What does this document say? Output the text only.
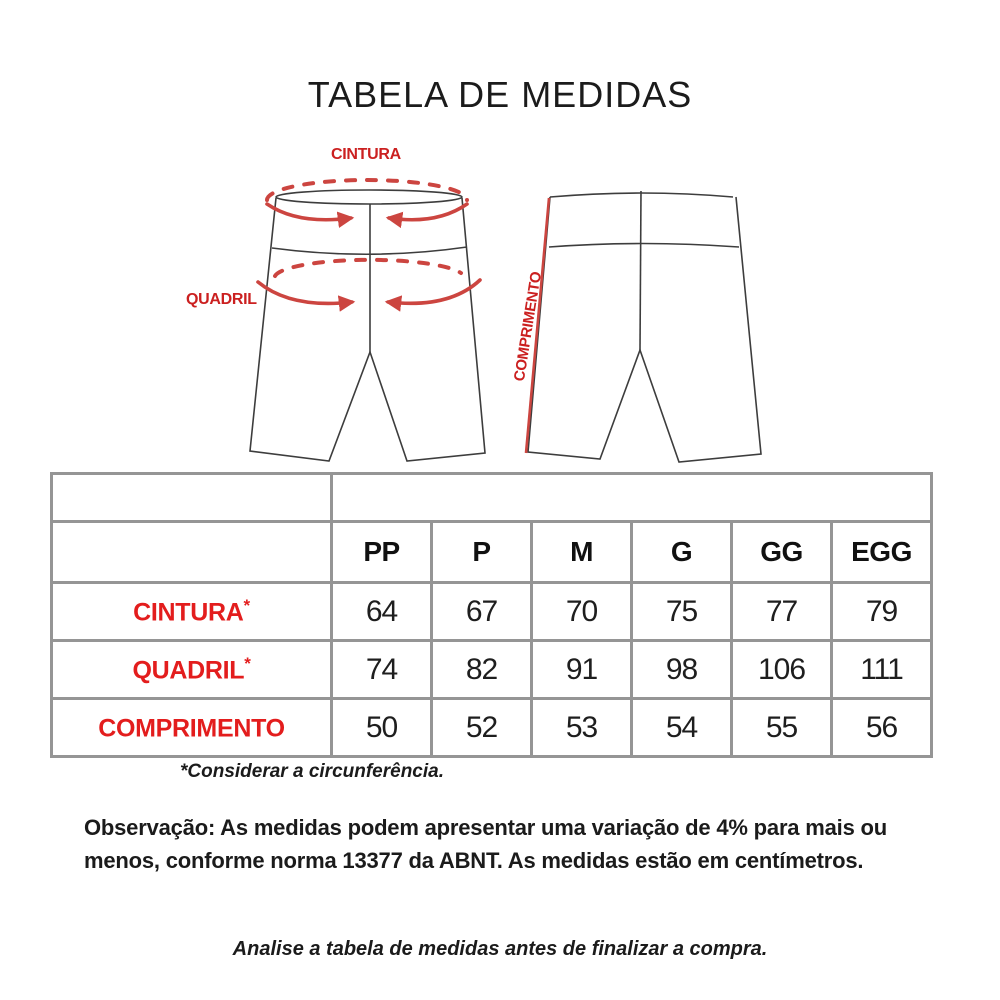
TABELA DE MEDIDAS
CINTURA
QUADRIL	COMPRIMENTO
	BERMUDA CICLISTA HELANCA					
	PP	P	M	G	GG	EGG
CINTURA*	64	67	70	75	77	79
QUADRIL*	74	82	91	98	106	111
COMPRIMENTO	50	52	53	54	55	56
*Considerar a circunferência.
Observação: As medidas podem apresentar uma variação de 4% para mais ou menos, conforme norma 13377 da ABNT. As medidas estão em centímetros.
Analise a tabela de medidas antes de finalizar a compra.
